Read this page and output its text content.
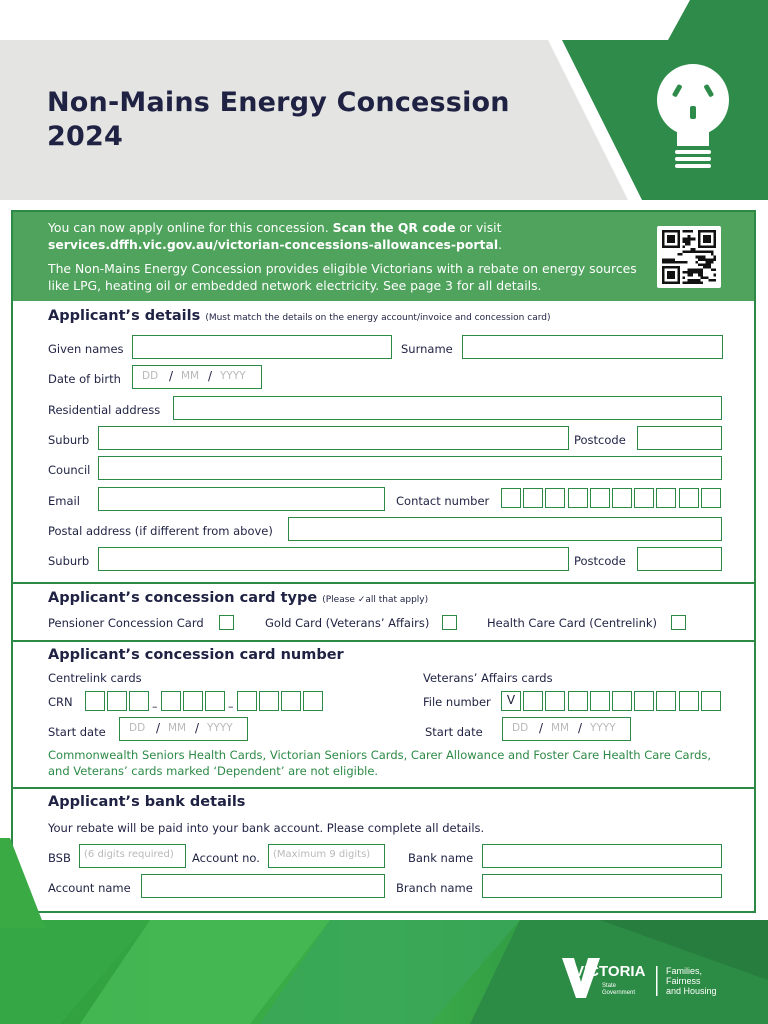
Non-Mains Energy Concession
2024

You can now apply online for this concession. Scan the QR code or visit
services.dffh.vic.gov.au/victorian-concessions-allowances-portal.

The Non-Mains Energy Concession provides eligible Victorians with a rebate on energy sources like LPG, heating oil or embedded network electricity. See page 3 for all details.

Applicant’s details (Must match the details on the energy account/invoice and concession card)
Given names	Surname
Date of birth DD / MM / YYYY
Residential address
Suburb	Postcode
Council
Email	Contact number
Postal address (if different from above)
Suburb	Postcode
Applicant’s concession card type (Please ✓all that apply)
Pensioner Concession Card	Gold Card (Veterans’ Affairs)	Health Care Card (Centrelink)
Applicant’s concession card number
Centrelink cards	Veterans’ Affairs cards
CRN	–	–	File number	V
Start date DD / MM / YYYY	Start date	DD / MM / YYYY
Commonwealth Seniors Health Cards, Victorian Seniors Cards, Carer Allowance and Foster Care Health Care Cards, and Veterans’ cards marked ‘Dependent’ are not eligible.
Applicant’s bank details
Your rebate will be paid into your bank account. Please complete all details.
BSB (6 digits required) Account no. (Maximum 9 digits)	Bank name
Account name	Branch name
VICTORIA
State
Government
Families,
Fairness
and Housing
